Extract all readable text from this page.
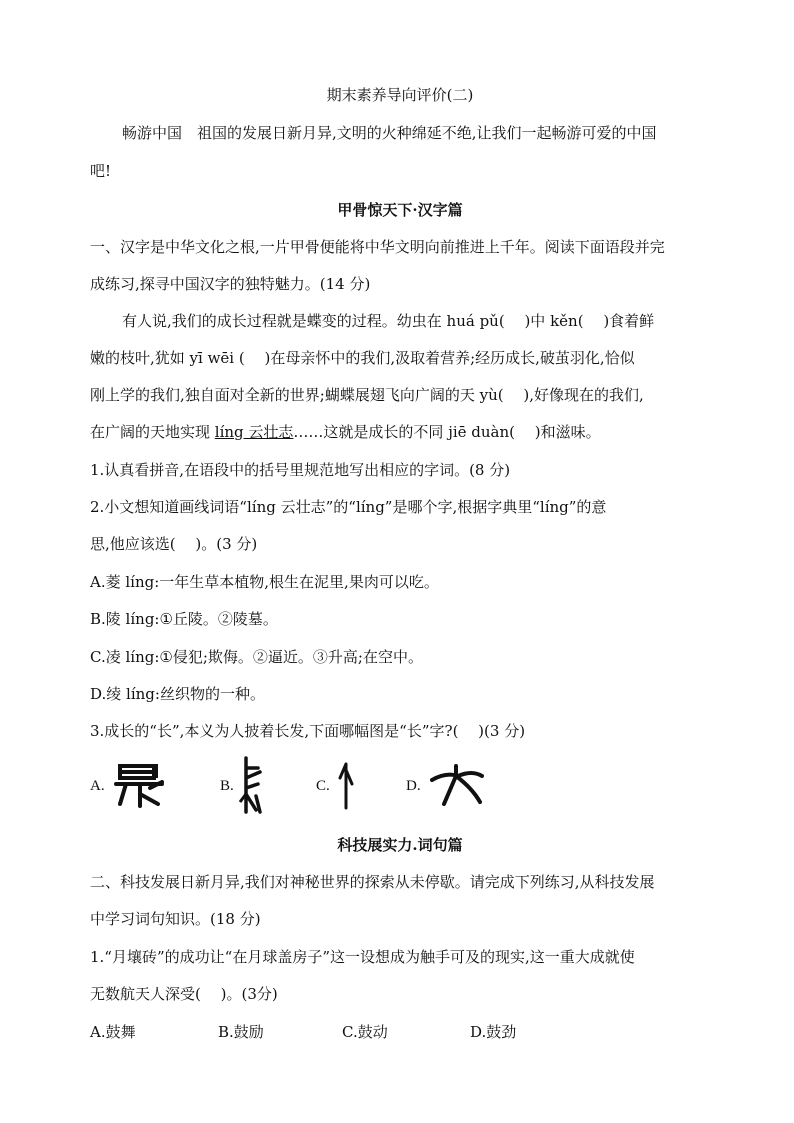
期末素养导向评价(二)
畅游中国　祖国的发展日新月异,文明的火种绵延不绝,让我们一起畅游可爱的中国
吧!
甲骨惊天下·汉字篇
一、汉字是中华文化之根,一片甲骨便能将中华文明向前推进上千年。阅读下面语段并完
成练习,探寻中国汉字的独特魅力。(14 分)
有人说,我们的成长过程就是蝶变的过程。幼虫在 huá pǔ(　 )中 kěn(　 )食着鲜
嫩的枝叶,犹如 yī wēi (　 )在母亲怀中的我们,汲取着营养;经历成长,破茧羽化,恰似
刚上学的我们,独自面对全新的世界;蝴蝶展翅飞向广阔的天 yù(　 ),好像现在的我们,
在广阔的天地实现 líng 云壮志……这就是成长的不同 jiē duàn(　 )和滋味。
1.认真看拼音,在语段中的括号里规范地写出相应的字词。(8 分)
2.小文想知道画线词语“líng 云壮志”的“líng”是哪个字,根据字典里“líng”的意
思,他应该选(　 )。(3 分)
A.菱 líng:一年生草本植物,根生在泥里,果肉可以吃。
B.陵 líng:①丘陵。②陵墓。
C.凌 líng:①侵犯;欺侮。②逼近。③升高;在空中。
D.绫 líng:丝织物的一种。
3.成长的“长”,本义为人披着长发,下面哪幅图是“长”字?(　 )(3 分)
A.	B.	C.	D.
科技展实力.词句篇
二、科技发展日新月异,我们对神秘世界的探索从未停歇。请完成下列练习,从科技发展
中学习词句知识。(18 分)
1.“月壤砖”的成功让“在月球盖房子”这一设想成为触手可及的现实,这一重大成就使
无数航天人深受(　 )。(3分)
A.鼓舞	B.鼓励	C.鼓动	D.鼓劲
